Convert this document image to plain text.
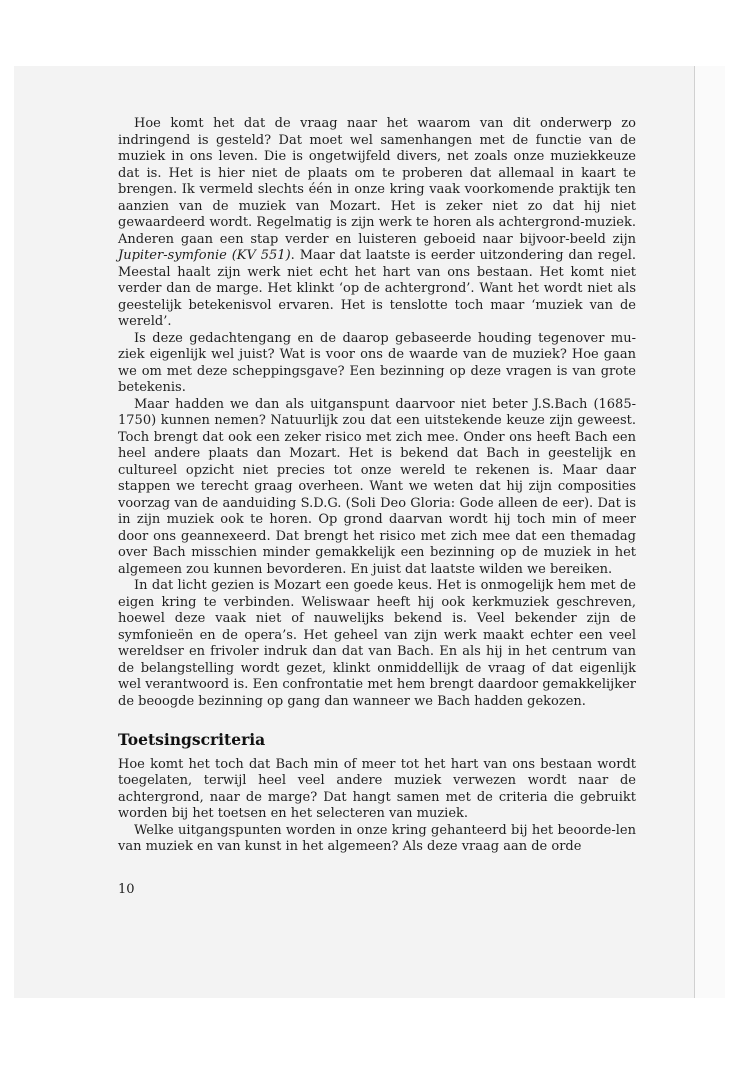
Hoe komt het dat de vraag naar het waarom van dit onderwerp zo indringend is gesteld? Dat moet wel samenhangen met de functie van de muziek in ons leven. Die is ongetwijfeld divers, net zoals onze muziekkeuze dat is. Het is hier niet de plaats om te proberen dat allemaal in kaart te brengen. Ik vermeld slechts één in onze kring vaak voorkomende praktijk ten aanzien van de muziek van Mozart. Het is zeker niet zo dat hij niet gewaardeerd wordt. Regelmatig is zijn werk te horen als achtergrond-muziek. Anderen gaan een stap verder en luisteren geboeid naar bijvoor-beeld zijn Jupiter-symfonie (KV 551). Maar dat laatste is eerder uitzondering dan regel. Meestal haalt zijn werk niet echt het hart van ons bestaan. Het komt niet verder dan de marge. Het klinkt ‘op de achtergrond’. Want het wordt niet als geestelijk betekenisvol ervaren. Het is tenslotte toch maar ‘muziek van de wereld’.

Is deze gedachtengang en de daarop gebaseerde houding tegenover mu-ziek eigenlijk wel juist? Wat is voor ons de waarde van de muziek? Hoe gaan we om met deze scheppingsgave? Een bezinning op deze vragen is van grote betekenis.

Maar hadden we dan als uitganspunt daarvoor niet beter J.S.Bach (1685-1750) kunnen nemen? Natuurlijk zou dat een uitstekende keuze zijn geweest. Toch brengt dat ook een zeker risico met zich mee. Onder ons heeft Bach een heel andere plaats dan Mozart. Het is bekend dat Bach in geestelijk en cultureel opzicht niet precies tot onze wereld te rekenen is. Maar daar stappen we terecht graag overheen. Want we weten dat hij zijn composities voorzag van de aanduiding S.D.G. (Soli Deo Gloria: Gode alleen de eer). Dat is in zijn muziek ook te horen. Op grond daarvan wordt hij toch min of meer door ons geannexeerd. Dat brengt het risico met zich mee dat een themadag over Bach misschien minder gemakkelijk een bezinning op de muziek in het algemeen zou kunnen bevorderen. En juist dat laatste wilden we bereiken.

In dat licht gezien is Mozart een goede keus. Het is onmogelijk hem met de eigen kring te verbinden. Weliswaar heeft hij ook kerkmuziek geschreven, hoewel deze vaak niet of nauwelijks bekend is. Veel bekender zijn de symfonieën en de opera’s. Het geheel van zijn werk maakt echter een veel wereldser en frivoler indruk dan dat van Bach. En als hij in het centrum van de belangstelling wordt gezet, klinkt onmiddellijk de vraag of dat eigenlijk wel verantwoord is. Een confrontatie met hem brengt daardoor gemakkelijker de beoogde bezinning op gang dan wanneer we Bach hadden gekozen.

Toetsingscriteria

Hoe komt het toch dat Bach min of meer tot het hart van ons bestaan wordt toegelaten, terwijl heel veel andere muziek verwezen wordt naar de achtergrond, naar de marge? Dat hangt samen met de criteria die gebruikt worden bij het toetsen en het selecteren van muziek.

Welke uitgangspunten worden in onze kring gehanteerd bij het beoorde-len van muziek en van kunst in het algemeen? Als deze vraag aan de orde

10
